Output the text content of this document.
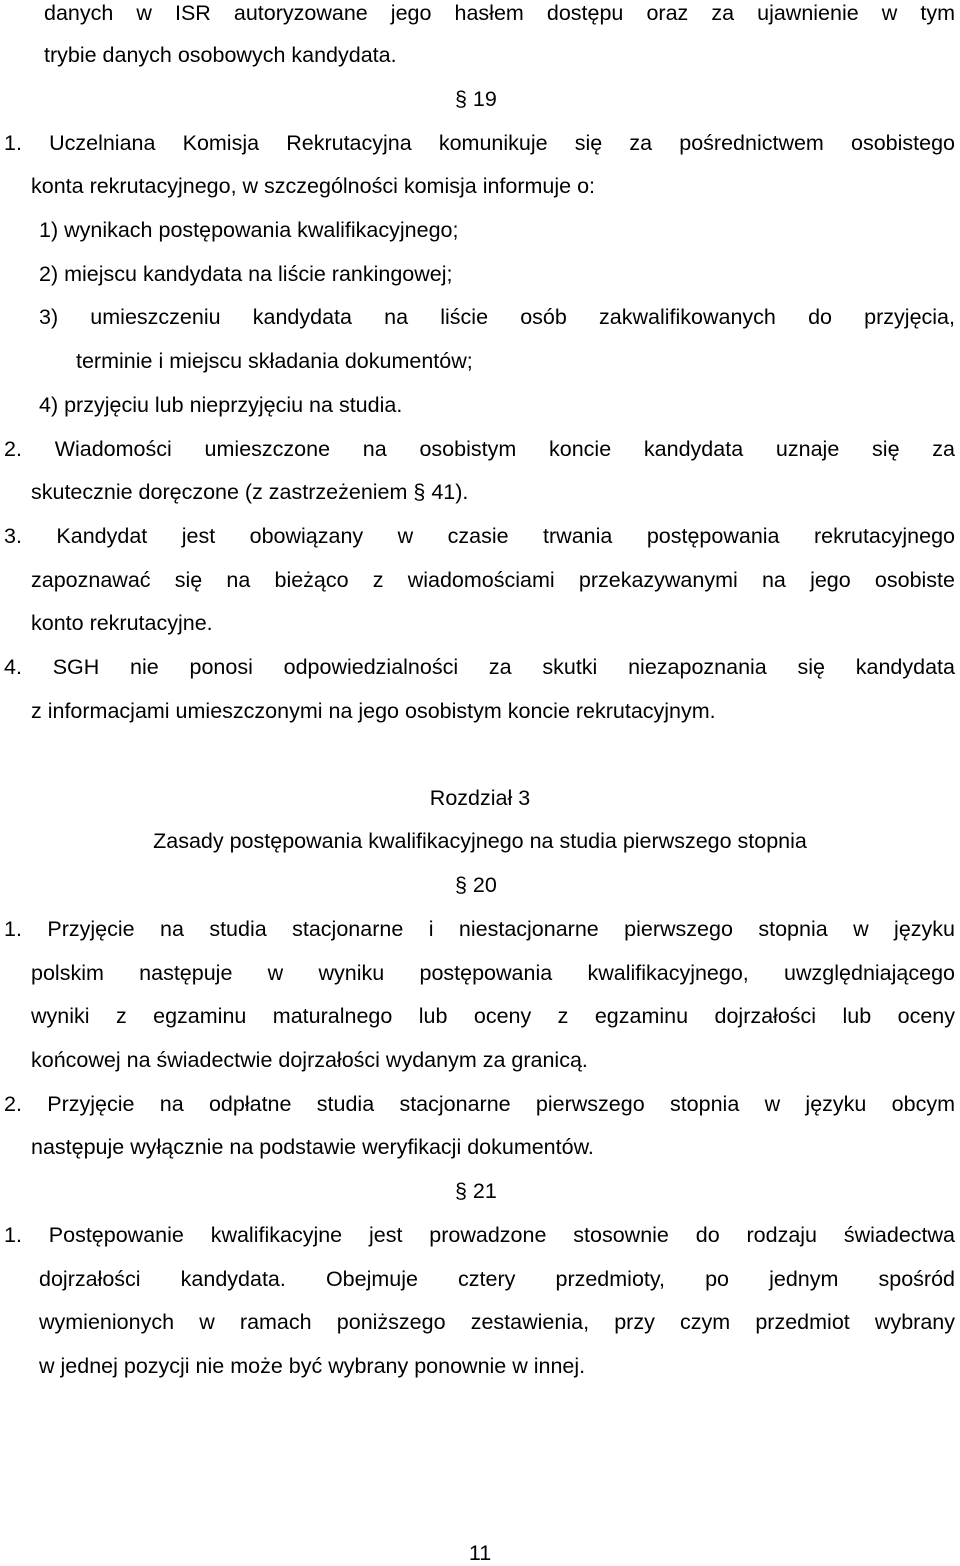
danych w ISR autoryzowane jego hasłem dostępu oraz za ujawnienie w tym
trybie danych osobowych kandydata.
§ 19
1. Uczelniana Komisja Rekrutacyjna komunikuje się za pośrednictwem osobistego
konta rekrutacyjnego, w szczególności komisja informuje o:
1) wynikach postępowania kwalifikacyjnego;
2) miejscu kandydata na liście rankingowej;
3) umieszczeniu kandydata na liście osób zakwalifikowanych do przyjęcia,
terminie i miejscu składania dokumentów;
4) przyjęciu lub nieprzyjęciu na studia.
2. Wiadomości umieszczone na osobistym koncie kandydata uznaje się za
skutecznie doręczone (z zastrzeżeniem § 41).
3. Kandydat jest obowiązany w czasie trwania postępowania rekrutacyjnego
zapoznawać się na bieżąco z wiadomościami przekazywanymi na jego osobiste
konto rekrutacyjne.
4. SGH nie ponosi odpowiedzialności za skutki niezapoznania się kandydata
z informacjami umieszczonymi na jego osobistym koncie rekrutacyjnym.
Rozdział 3
Zasady postępowania kwalifikacyjnego na studia pierwszego stopnia
§ 20
1. Przyjęcie na studia stacjonarne i niestacjonarne pierwszego stopnia w języku
polskim następuje w wyniku postępowania kwalifikacyjnego, uwzględniającego
wyniki z egzaminu maturalnego lub oceny z egzaminu dojrzałości lub oceny
końcowej na świadectwie dojrzałości wydanym za granicą.
2. Przyjęcie na odpłatne studia stacjonarne pierwszego stopnia w języku obcym
następuje wyłącznie na podstawie weryfikacji dokumentów.
§ 21
1. Postępowanie kwalifikacyjne jest prowadzone stosownie do rodzaju świadectwa
dojrzałości kandydata. Obejmuje cztery przedmioty, po jednym spośród
wymienionych w ramach poniższego zestawienia, przy czym przedmiot wybrany
w jednej pozycji nie może być wybrany ponownie w innej.
11
